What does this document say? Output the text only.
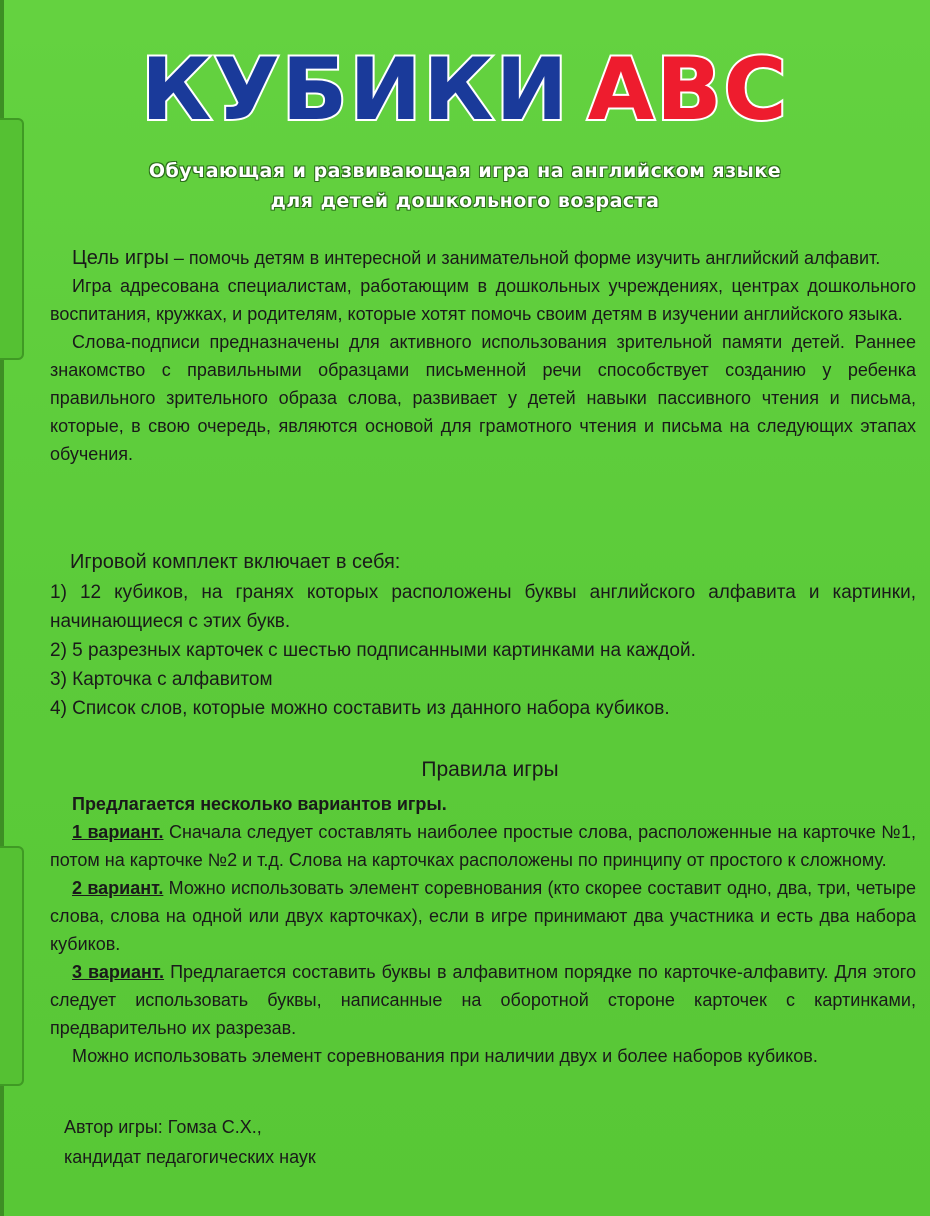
КУБИКИ ABC
Обучающая и развивающая игра на английском языке
для детей дошкольного возраста

Цель игры – помочь детям в интересной и занимательной форме изучить английский алфавит.

Игра адресована специалистам, работающим в дошкольных учреждениях, центрах дошкольного воспитания, кружках, и родителям, которые хотят помочь своим детям в изучении английского языка.

Слова-подписи предназначены для активного использования зрительной памяти детей. Раннее знакомство с правильными образцами письменной речи способствует созданию у ребенка правильного зрительного образа слова, развивает у детей навыки пассивного чтения и письма, которые, в свою очередь, являются основой для грамотного чтения и письма на следующих этапах обучения.

Игровой комплект включает в себя:

1) 12 кубиков, на гранях которых расположены буквы английского алфавита и картинки, начинающиеся с этих букв.

2) 5 разрезных карточек с шестью подписанными картинками на каждой.

3) Карточка с алфавитом

4) Список слов, которые можно составить из данного набора кубиков.

Правила игры

Предлагается несколько вариантов игры.

1 вариант. Сначала следует составлять наиболее простые слова, расположенные на карточке №1, потом на карточке №2 и т.д. Слова на карточках расположены по принципу от простого к сложному.

2 вариант. Можно использовать элемент соревнования (кто скорее составит одно, два, три, четыре слова, слова на одной или двух карточках), если в игре принимают два участника и есть два набора кубиков.

3 вариант. Предлагается составить буквы в алфавитном порядке по карточке-алфавиту. Для этого следует использовать буквы, написанные на оборотной стороне карточек с картинками, предварительно их разрезав.

Можно использовать элемент соревнования при наличии двух и более наборов кубиков.

Автор игры: Гомза С.Х.,
кандидат педагогических наук
